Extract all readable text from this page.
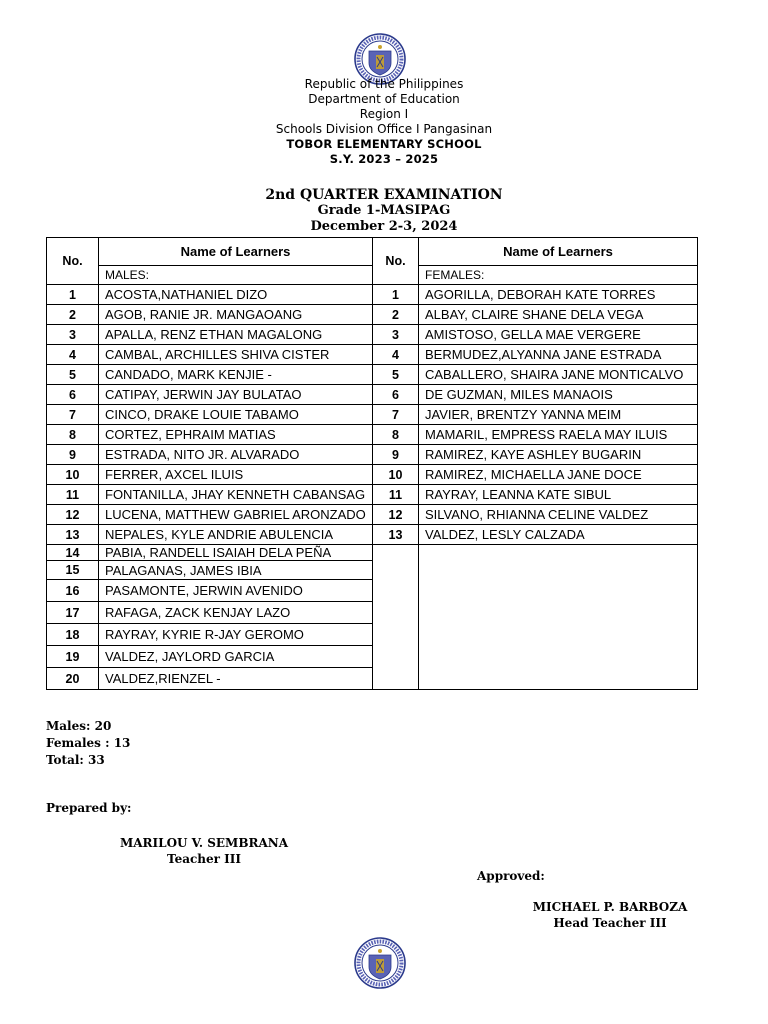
Republic of the Philippines
Department of Education
Region I
Schools Division Office I Pangasinan
TOBOR ELEMENTARY SCHOOL
S.Y. 2023 – 2025
2nd QUARTER EXAMINATION
Grade 1-MASIPAG
December 2-3, 2024
No.	Name of Learners	No.	Name of Learners
	MALES:		FEMALES:
1	ACOSTA,NATHANIEL DIZO	1	AGORILLA, DEBORAH KATE TORRES
2	AGOB, RANIE JR. MANGAOANG	2	ALBAY, CLAIRE SHANE DELA VEGA
3	APALLA, RENZ ETHAN MAGALONG	3	AMISTOSO, GELLA MAE VERGERE
4	CAMBAL, ARCHILLES SHIVA CISTER	4	BERMUDEZ,ALYANNA JANE ESTRADA
5	CANDADO, MARK KENJIE -	5	CABALLERO, SHAIRA JANE MONTICALVO
6	CATIPAY, JERWIN JAY BULATAO	6	DE GUZMAN, MILES MANAOIS
7	CINCO, DRAKE LOUIE TABAMO	7	JAVIER, BRENTZY YANNA MEIM
8	CORTEZ, EPHRAIM MATIAS	8	MAMARIL, EMPRESS RAELA MAY ILUIS
9	ESTRADA, NITO JR. ALVARADO	9	RAMIREZ, KAYE ASHLEY BUGARIN
10	FERRER, AXCEL ILUIS	10	RAMIREZ, MICHAELLA JANE DOCE
11	FONTANILLA, JHAY KENNETH CABANSAG	11	RAYRAY, LEANNA KATE SIBUL
12	LUCENA, MATTHEW GABRIEL ARONZADO	12	SILVANO, RHIANNA CELINE VALDEZ
13	NEPALES, KYLE ANDRIE ABULENCIA	13	VALDEZ, LESLY CALZADA
14	PABIA, RANDELL ISAIAH DELA PEÑA		
15	PALAGANAS, JAMES IBIA		
16	PASAMONTE, JERWIN AVENIDO		
17	RAFAGA, ZACK KENJAY LAZO		
18	RAYRAY, KYRIE R-JAY GEROMO		
19	VALDEZ, JAYLORD GARCIA		
20	VALDEZ,RIENZEL -		
Males: 20
Females : 13
Total: 33
Prepared by:
MARILOU V. SEMBRANA
Teacher III
Approved:
MICHAEL P. BARBOZA
Head Teacher III
